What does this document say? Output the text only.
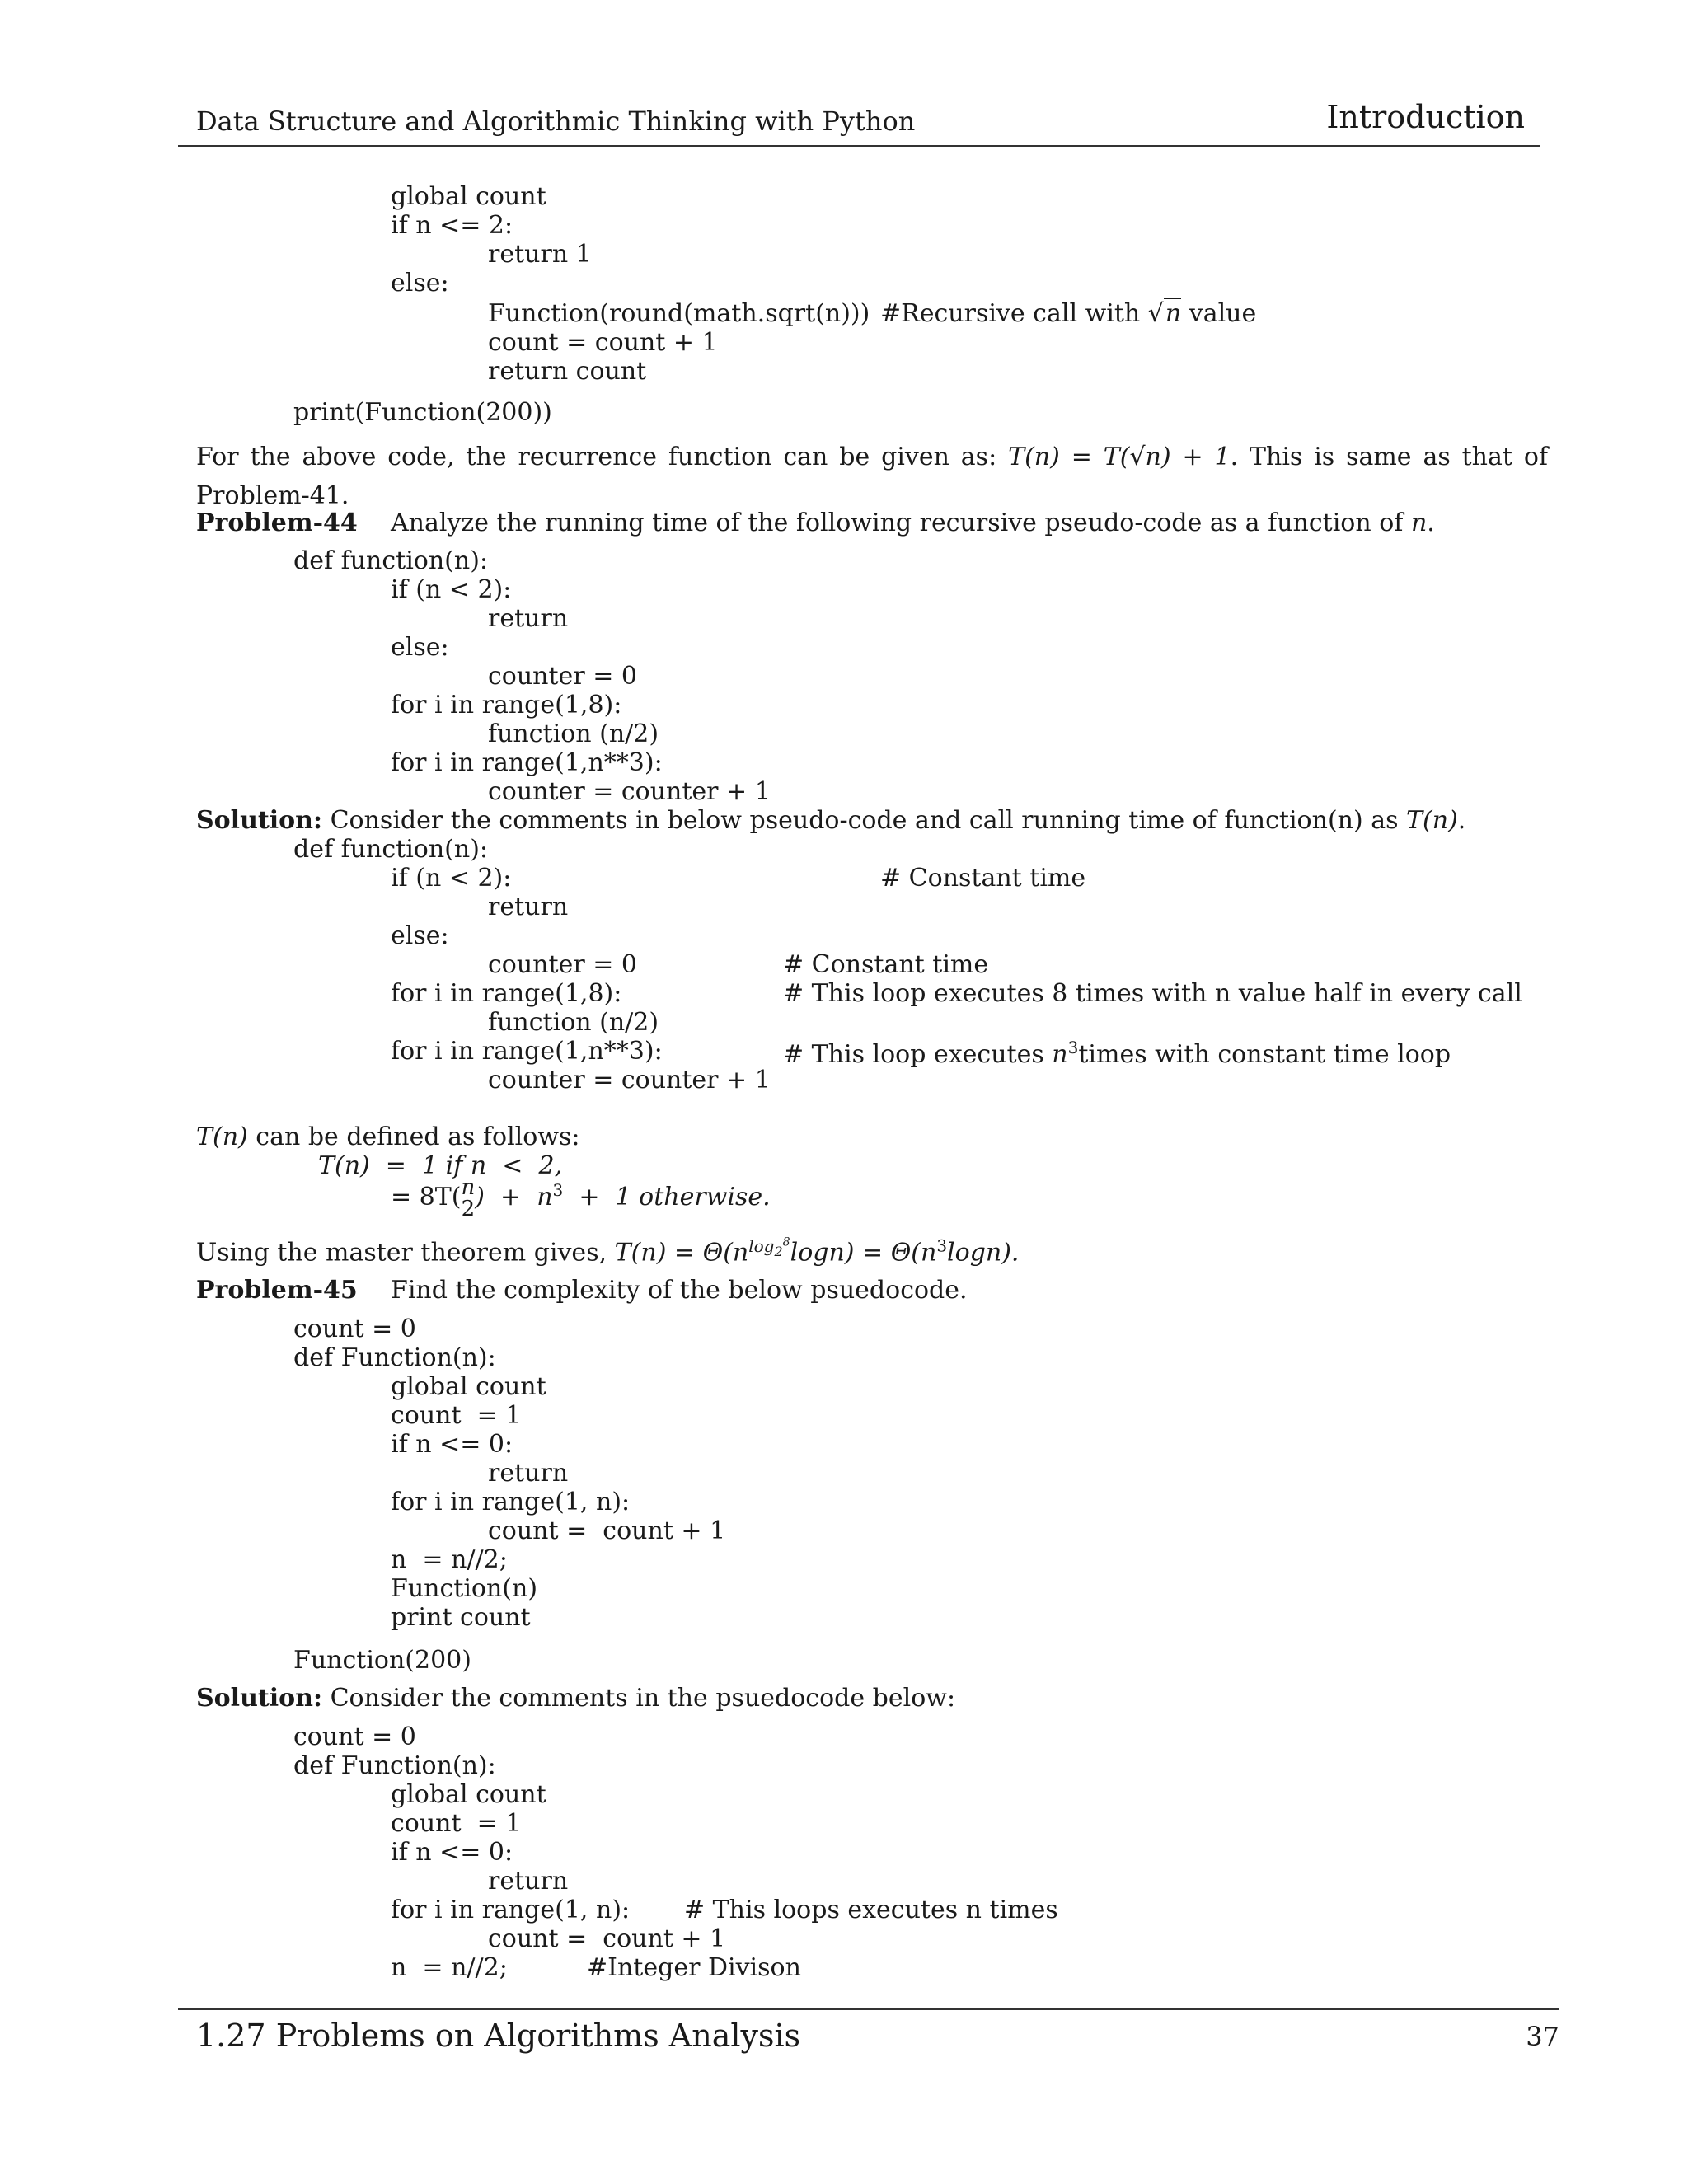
Data Structure and Algorithmic Thinking with Python	Introduction
global count
if n <= 2:
return 1
else:
Function(round(math.sqrt(n))) #Recursive call with √n value
count = count + 1
return count
print(Function(200))
For the above code, the recurrence function can be given as: T(n) = T(√n) + 1. This is same as that of Problem-41.
Problem-44 Analyze the running time of the following recursive pseudo-code as a function of n.
def function(n):
if (n < 2):
return
else:
counter = 0
for i in range(1,8):
function (n/2)
for i in range(1,n**3):
counter = counter + 1
Solution: Consider the comments in below pseudo-code and call running time of function(n) as T(n).
def function(n):
if (n < 2):	# Constant time
return
else:
counter = 0	# Constant time
for i in range(1,8):	# This loop executes 8 times with n value half in every call
function (n/2)
for i in range(1,n**3):	# This loop executes $n^3times$ with constant time loop
counter = counter + 1
T(n) can be defined as follows:
T(n)  =  1 if n  <  2,
= 8T( n
2 )  +  $n^3 + 1$ otherwise.
Using the master theorem gives, $T(n) = \Theta(n^{log_2^8}\log n) = \Theta(n^3\log n)$.
Problem-45 Find the complexity of the below psuedocode.
count = 0
def Function(n):
global count
count  = 1
if n <= 0:
return
for i in range(1, n):
count =  count + 1
n  = n//2;
Function(n)
print count
Function(200)
Solution: Consider the comments in the psuedocode below:
count = 0
def Function(n):
global count
count  = 1
if n <= 0:
return
for i in range(1, n): # This loops executes n times
count =  count + 1
n  = n//2;	#Integer Divison
1.27 Problems on Algorithms Analysis	37
